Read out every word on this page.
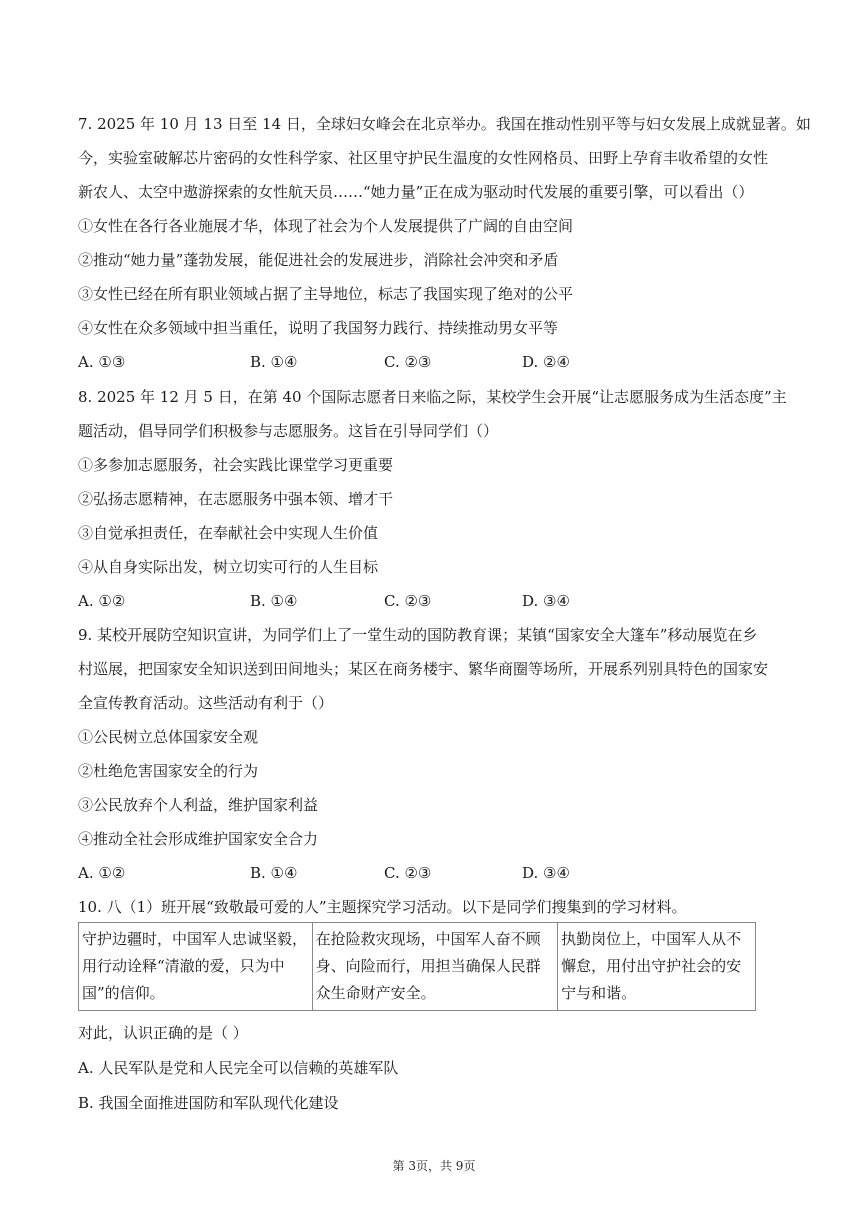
7. 2025 年 10 月 13 日至 14 日，全球妇女峰会在北京举办。我国在推动性别平等与妇女发展上成就显著。如
今，实验室破解芯片密码的女性科学家、社区里守护民生温度的女性网格员、田野上孕育丰收希望的女性
新农人、太空中遨游探索的女性航天员……“她力量”正在成为驱动时代发展的重要引擎，可以看出（）
①女性在各行各业施展才华，体现了社会为个人发展提供了广阔的自由空间
②推动“她力量”蓬勃发展，能促进社会的发展进步，消除社会冲突和矛盾
③女性已经在所有职业领域占据了主导地位，标志了我国实现了绝对的公平
④女性在众多领域中担当重任，说明了我国努力践行、持续推动男女平等
A. ①③	B. ①④	C. ②③	D. ②④
8. 2025 年 12 月 5 日，在第 40 个国际志愿者日来临之际，某校学生会开展“让志愿服务成为生活态度”主
题活动，倡导同学们积极参与志愿服务。这旨在引导同学们（）
①多参加志愿服务，社会实践比课堂学习更重要
②弘扬志愿精神，在志愿服务中强本领、增才干
③自觉承担责任，在奉献社会中实现人生价值
④从自身实际出发，树立切实可行的人生目标
A. ①②	B. ①④	C. ②③	D. ③④
9. 某校开展防空知识宣讲，为同学们上了一堂生动的国防教育课；某镇“国家安全大篷车”移动展览在乡
村巡展，把国家安全知识送到田间地头；某区在商务楼宇、繁华商圈等场所，开展系列别具特色的国家安
全宣传教育活动。这些活动有利于（）
①公民树立总体国家安全观
②杜绝危害国家安全的行为
③公民放弃个人利益，维护国家利益
④推动全社会形成维护国家安全合力
A. ①②	B. ①④	C. ②③	D. ③④
10. 八（1）班开展“致敬最可爱的人”主题探究学习活动。以下是同学们搜集到的学习材料。
守护边疆时，中国军人忠诚坚毅，用行动诠释“清澈的爱，只为中国”的信仰。	在抢险救灾现场，中国军人奋不顾身、向险而行，用担当确保人民群众生命财产安全。	执勤岗位上，中国军人从不懈怠，用付出守护社会的安宁与和谐。
对此，认识正确的是（ ）
A. 人民军队是党和人民完全可以信赖的英雄军队
B. 我国全面推进国防和军队现代化建设
第 3页，共 9页
